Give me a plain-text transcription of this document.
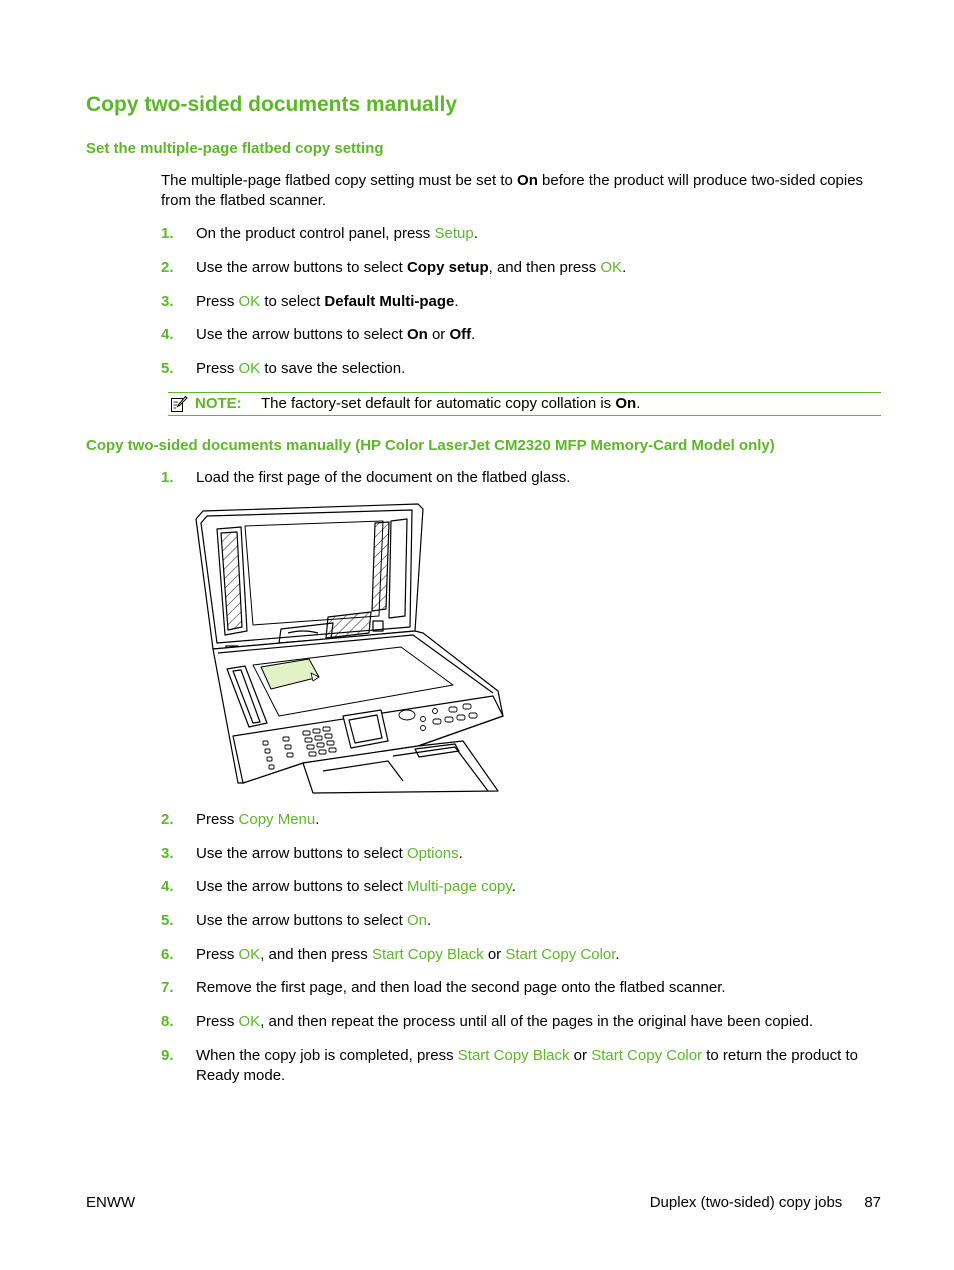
Copy two-sided documents manually
Set the multiple-page flatbed copy setting
The multiple-page flatbed copy setting must be set to On before the product will produce two-sided copies from the flatbed scanner.
1. On the product control panel, press Setup.
2. Use the arrow buttons to select Copy setup, and then press OK.
3. Press OK to select Default Multi-page.
4. Use the arrow buttons to select On or Off.
5. Press OK to save the selection.
NOTE: The factory-set default for automatic copy collation is On.
Copy two-sided documents manually (HP Color LaserJet CM2320 MFP Memory-Card Model only)
1. Load the first page of the document on the flatbed glass.
2. Press Copy Menu.
3. Use the arrow buttons to select Options.
4. Use the arrow buttons to select Multi-page copy.
5. Use the arrow buttons to select On.
6. Press OK, and then press Start Copy Black or Start Copy Color.
7. Remove the first page, and then load the second page onto the flatbed scanner.
8. Press OK, and then repeat the process until all of the pages in the original have been copied.
9. When the copy job is completed, press Start Copy Black or Start Copy Color to return the product to Ready mode.
ENWW	Duplex (two-sided) copy jobs 87
